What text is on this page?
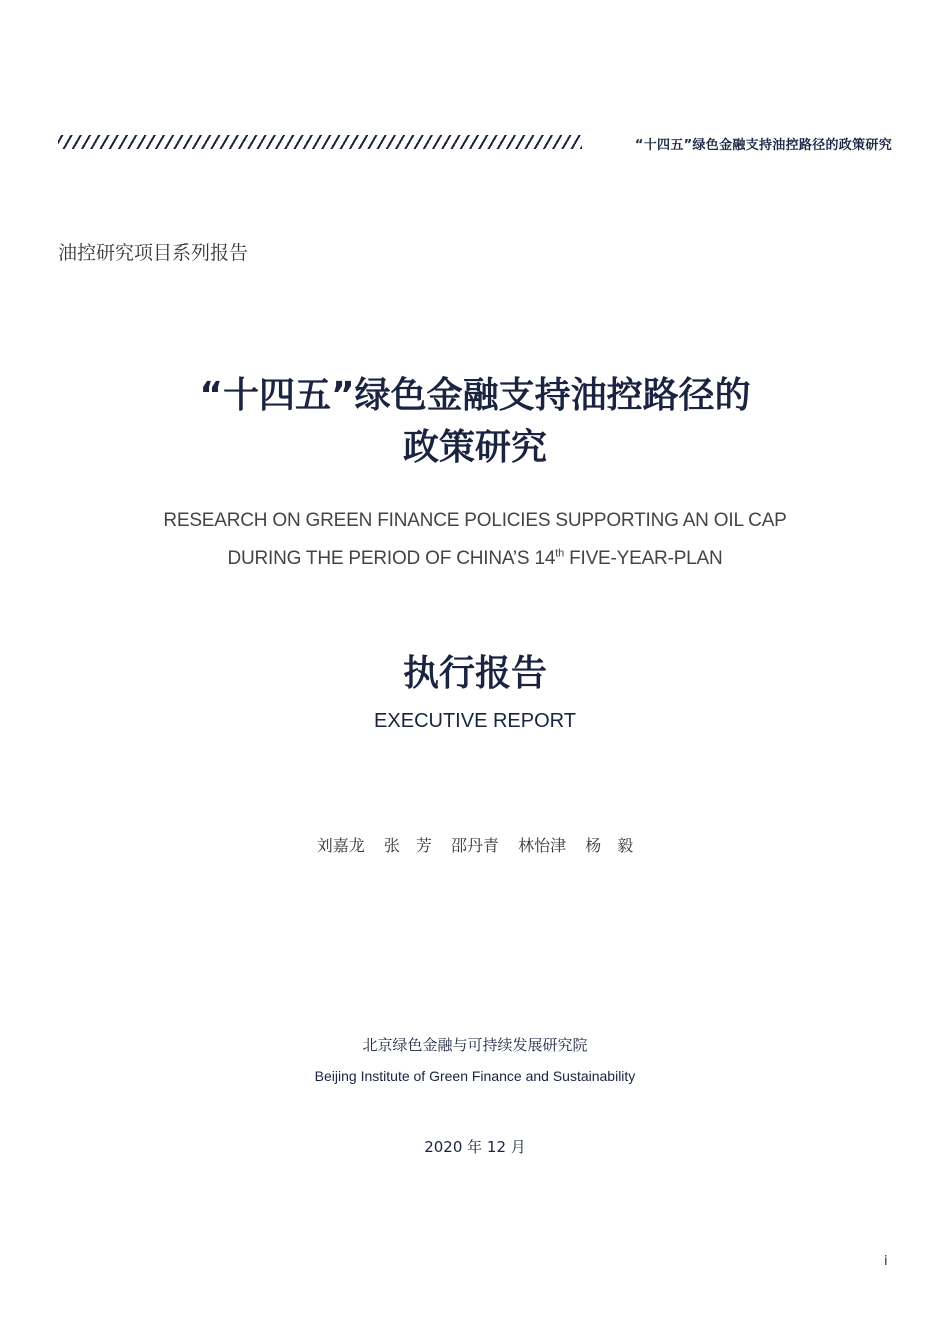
“十四五”绿色金融支持油控路径的政策研究
油控研究项目系列报告
“十四五”绿色金融支持油控路径的
政策研究
RESEARCH ON GREEN FINANCE POLICIES SUPPORTING AN OIL CAP
DURING THE PERIOD OF CHINA’S 14th FIVE-YEAR-PLAN
执行报告
EXECUTIVE REPORT
刘嘉龙 张　芳 邵丹青 林怡津 杨　毅
北京绿色金融与可持续发展研究院
Beijing Institute of Green Finance and Sustainability
2020 年 12 月
i
